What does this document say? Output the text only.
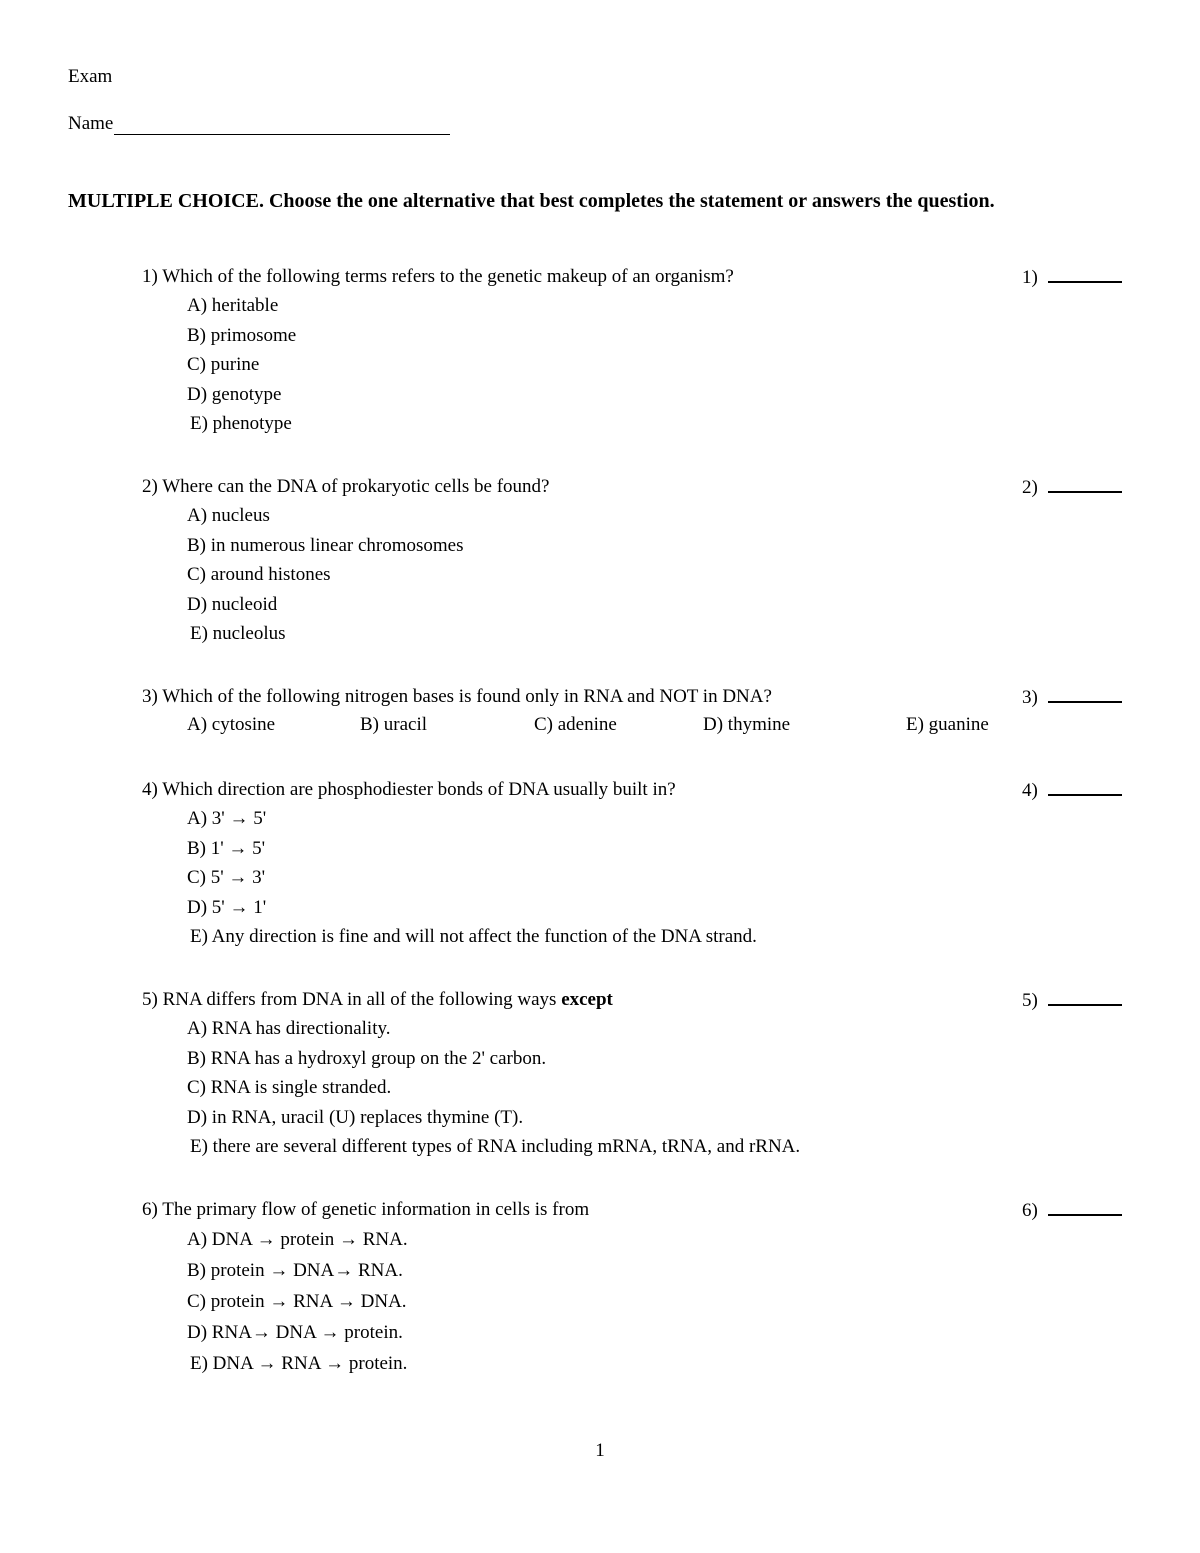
Exam
Name
MULTIPLE CHOICE. Choose the one alternative that best completes the statement or answers the question.
1) Which of the following terms refers to the genetic makeup of an organism?	1)
A) heritable
B) primosome
C) purine
D) genotype
E) phenotype
2) Where can the DNA of prokaryotic cells be found?	2)
A) nucleus
B) in numerous linear chromosomes
C) around histones
D) nucleoid
E) nucleolus
3) Which of the following nitrogen bases is found only in RNA and NOT in DNA?	3)
A) cytosine	B) uracil	C) adenine	D) thymine	E) guanine
4) Which direction are phosphodiester bonds of DNA usually built in?	4)
A) 3' → 5'
B) 1' → 5'
C) 5' → 3'
D) 5' → 1'
E) Any direction is fine and will not affect the function of the DNA strand.
5) RNA differs from DNA in all of the following ways except	5)
A) RNA has directionality.
B) RNA has a hydroxyl group on the 2' carbon.
C) RNA is single stranded.
D) in RNA, uracil (U) replaces thymine (T).
E) there are several different types of RNA including mRNA, tRNA, and rRNA.
6) The primary flow of genetic information in cells is from	6)
A) DNA → protein → RNA.
B) protein → DNA→ RNA.
C) protein → RNA → DNA.
D) RNA→ DNA → protein.
E) DNA → RNA → protein.
1
